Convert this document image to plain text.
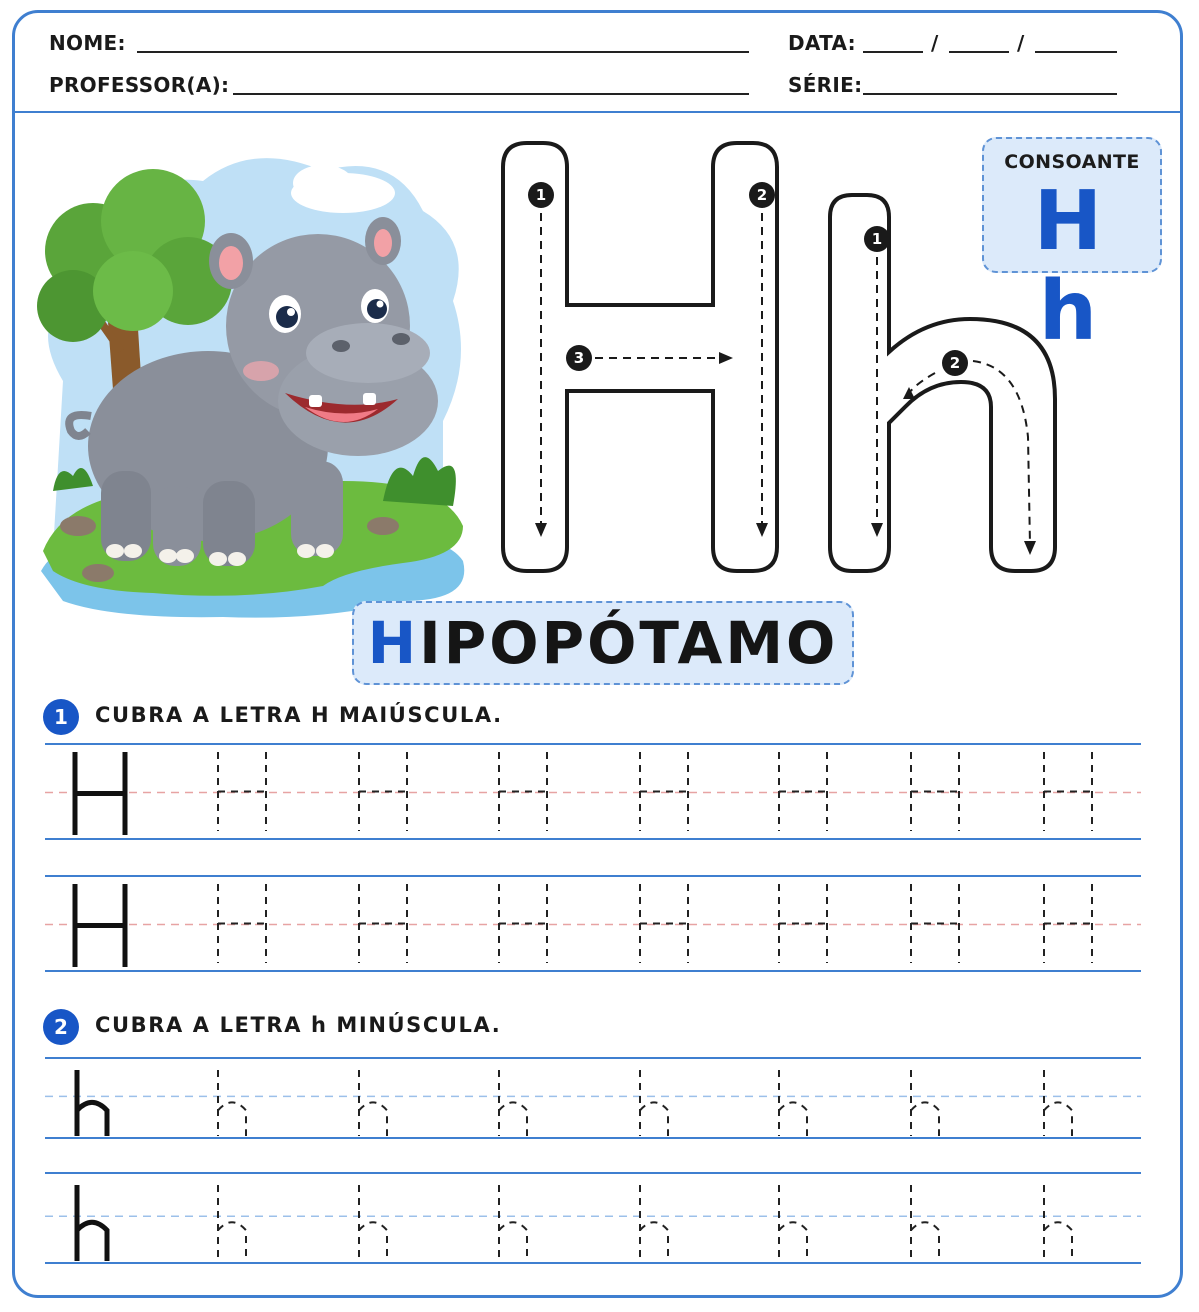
NOME:
PROFESSOR(A):
DATA:	/	/
SÉRIE:
1	2
3
1
2
CONSOANTE
H h
HIPOPÓTAMO
1	CUBRA A LETRA H MAIÚSCULA.
2	CUBRA A LETRA h MINÚSCULA.
